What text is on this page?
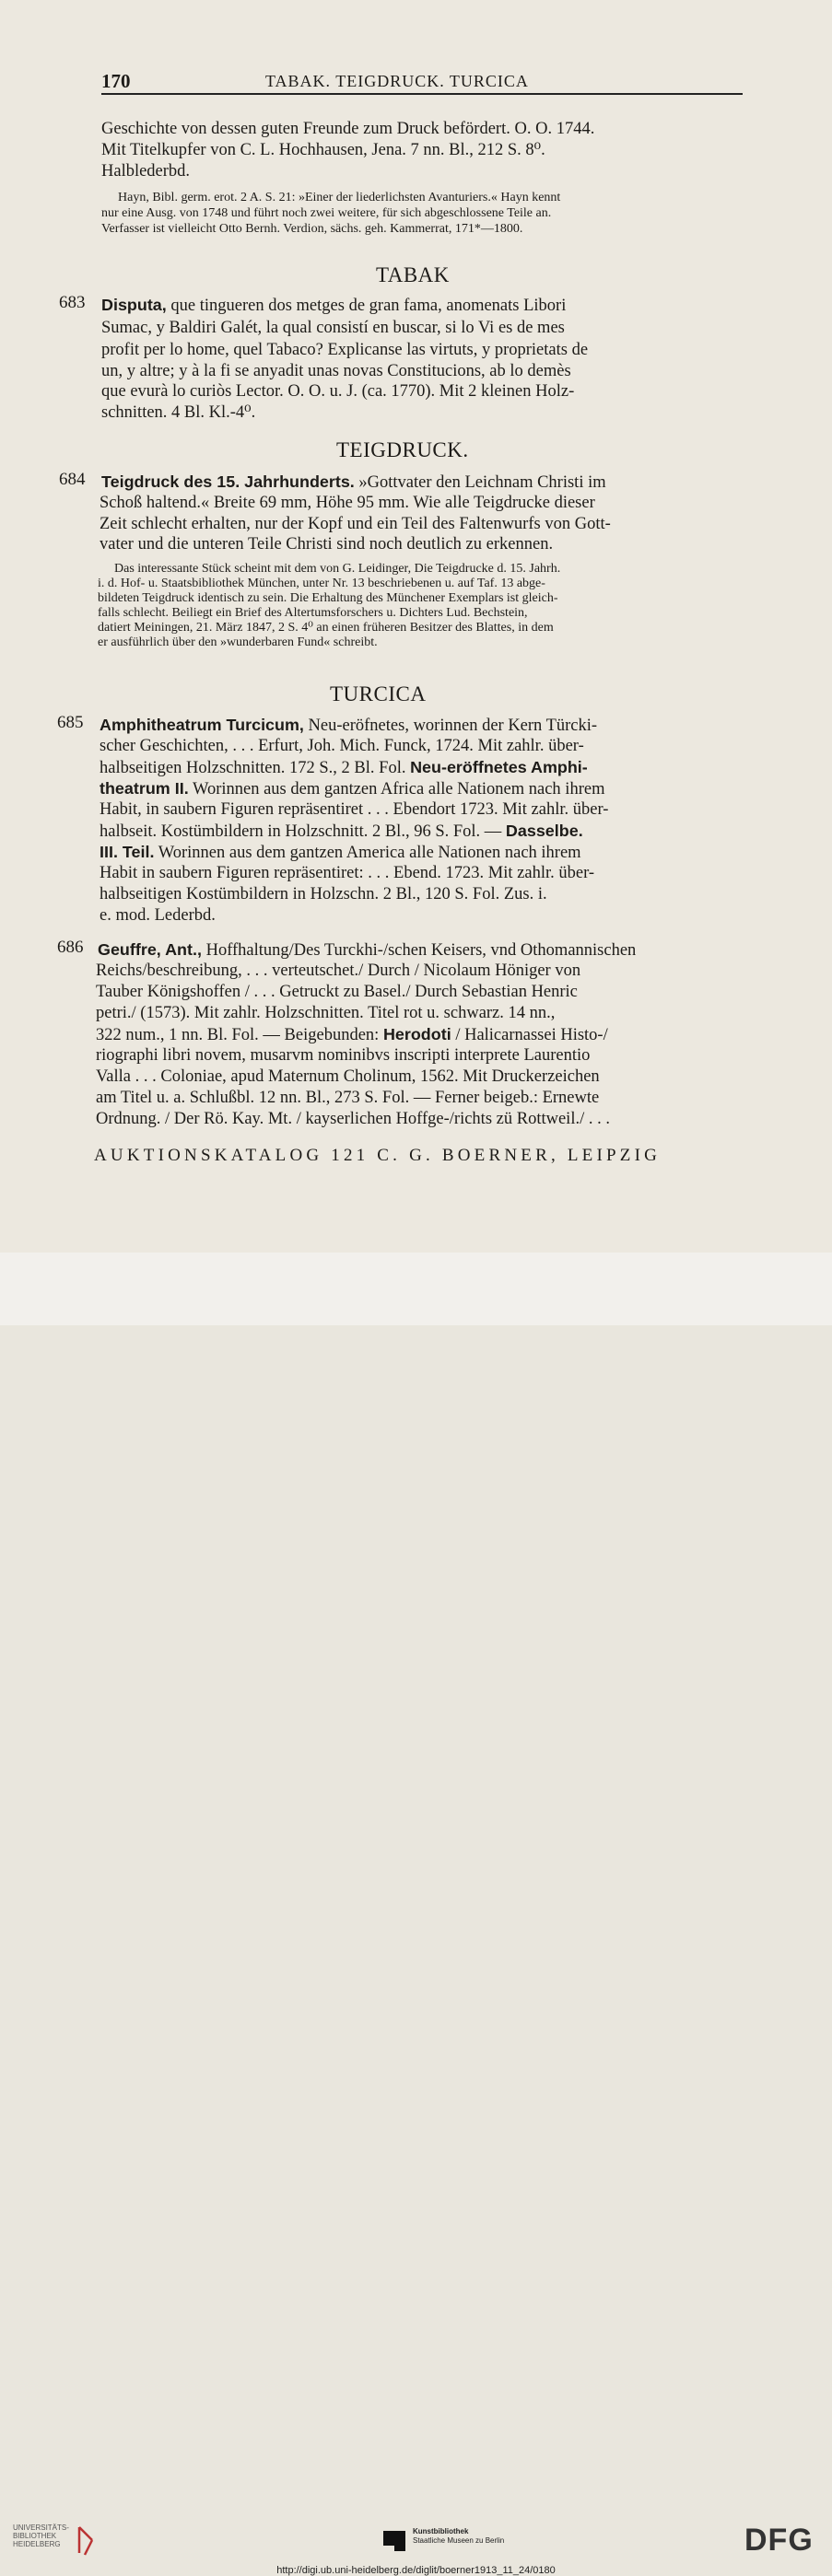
170	TABAK. TEIGDRUCK. TURCICA
Geschichte von dessen guten Freunde zum Druck befördert. O. O. 1744.
Mit Titelkupfer von C. L. Hochhausen, Jena. 7 nn. Bl., 212 S. 8⁰.
Halblederbd.
Hayn, Bibl. germ. erot. 2 A. S. 21: »Einer der liederlichsten Avanturiers.« Hayn kennt
nur eine Ausg. von 1748 und führt noch zwei weitere, für sich abgeschlossene Teile an.
Verfasser ist vielleicht Otto Bernh. Verdion, sächs. geh. Kammerrat, 171*—1800.
TABAK
683 Disputa, que tingueren dos metges de gran fama, anomenats Libori
Sumac, y Baldiri Galét, la qual consistí en buscar, si lo Vi es de mes
profit per lo home, quel Tabaco? Explicanse las virtuts, y proprietats de
un, y altre; y à la fi se anyadit unas novas Constitucions, ab lo demès
que evurà lo curiòs Lector. O. O. u. J. (ca. 1770). Mit 2 kleinen Holz-
schnitten. 4 Bl. Kl.-4⁰.
TEIGDRUCK.
684 Teigdruck des 15. Jahrhunderts. »Gottvater den Leichnam Christi im
Schoß haltend.« Breite 69 mm, Höhe 95 mm. Wie alle Teigdrucke dieser
Zeit schlecht erhalten, nur der Kopf und ein Teil des Faltenwurfs von Gott-
vater und die unteren Teile Christi sind noch deutlich zu erkennen.
Das interessante Stück scheint mit dem von G. Leidinger, Die Teigdrucke d. 15. Jahrh.
i. d. Hof- u. Staatsbibliothek München, unter Nr. 13 beschriebenen u. auf Taf. 13 abge-
bildeten Teigdruck identisch zu sein. Die Erhaltung des Münchener Exemplars ist gleich-
falls schlecht. Beiliegt ein Brief des Altertumsforschers u. Dichters Lud. Bechstein,
datiert Meiningen, 21. März 1847, 2 S. 4⁰ an einen früheren Besitzer des Blattes, in dem
er ausführlich über den »wunderbaren Fund« schreibt.
TURCICA
685 Amphitheatrum Turcicum, Neu-eröfnetes, worinnen der Kern Türcki-
scher Geschichten, . . . Erfurt, Joh. Mich. Funck, 1724. Mit zahlr. über-
halbseitigen Holzschnitten. 172 S., 2 Bl. Fol. Neu-eröffnetes Amphi-
theatrum II. Worinnen aus dem gantzen Africa alle Nationem nach ihrem
Habit, in saubern Figuren repräsentiret . . . Ebendort 1723. Mit zahlr. über-
halbseit. Kostümbildern in Holzschnitt. 2 Bl., 96 S. Fol. — Dasselbe.
III. Teil. Worinnen aus dem gantzen America alle Nationen nach ihrem
Habit in saubern Figuren repräsentiret: . . . Ebend. 1723. Mit zahlr. über-
halbseitigen Kostümbildern in Holzschn. 2 Bl., 120 S. Fol. Zus. i.
e. mod. Lederbd.
686 Geuffre, Ant., Hoffhaltung/Des Turckhi-/schen Keisers, vnd Othomannischen
Reichs/beschreibung, . . . verteutschet./ Durch / Nicolaum Höniger von
Tauber Königshoffen / . . . Getruckt zu Basel./ Durch Sebastian Henric
petri./ (1573). Mit zahlr. Holzschnitten. Titel rot u. schwarz. 14 nn.,
322 num., 1 nn. Bl. Fol. — Beigebunden: Herodoti / Halicarnassei Histo-/
riographi libri novem, musarvm nominibvs inscripti interprete Laurentio
Valla . . . Coloniae, apud Maternum Cholinum, 1562. Mit Druckerzeichen
am Titel u. a. Schlußbl. 12 nn. Bl., 273 S. Fol. — Ferner beigeb.: Ernewte
Ordnung. / Der Rö. Kay. Mt. / kayserlichen Hoffge-/richts zü Rottweil./ . . .
AUKTIONSKATALOG 121 C. G. BOERNER, LEIPZIG
UNIVERSITÄTS-
BIBLIOTHEK
HEIDELBERG
Kunstbibliothek
Staatliche Museen zu Berlin	DFG
http://digi.ub.uni-heidelberg.de/diglit/boerner1913_11_24/0180
